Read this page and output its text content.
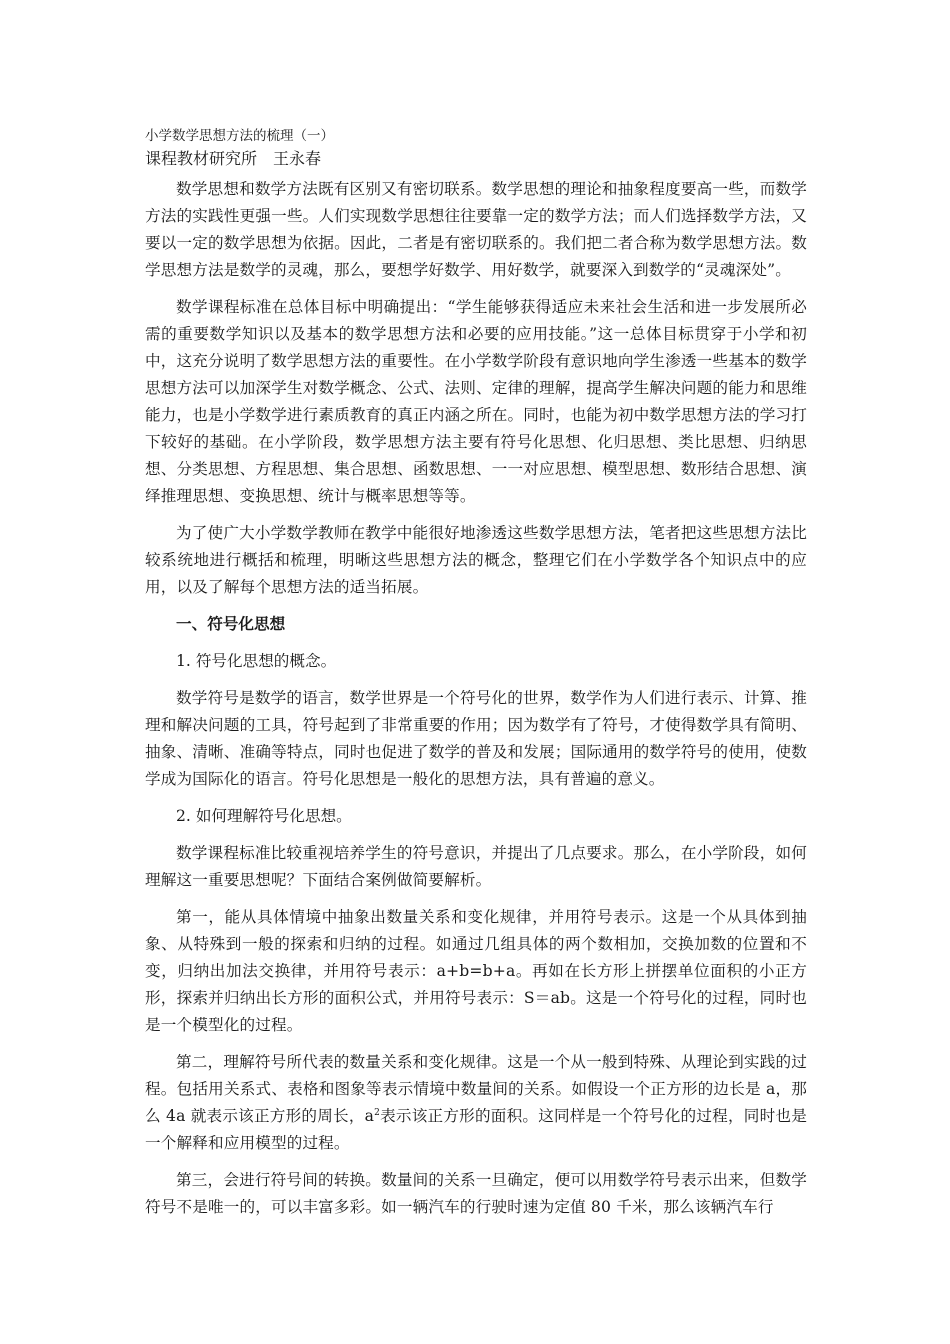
小学数学思想方法的梳理（一）

课程教材研究所　王永春

数学思想和数学方法既有区别又有密切联系。数学思想的理论和抽象程度要高一些，而数学方法的实践性更强一些。人们实现数学思想往往要靠一定的数学方法；而人们选择数学方法，又要以一定的数学思想为依据。因此，二者是有密切联系的。我们把二者合称为数学思想方法。数学思想方法是数学的灵魂，那么，要想学好数学、用好数学，就要深入到数学的“灵魂深处”。

数学课程标准在总体目标中明确提出：“学生能够获得适应未来社会生活和进一步发展所必需的重要数学知识以及基本的数学思想方法和必要的应用技能。”这一总体目标贯穿于小学和初中，这充分说明了数学思想方法的重要性。在小学数学阶段有意识地向学生渗透一些基本的数学思想方法可以加深学生对数学概念、公式、法则、定律的理解，提高学生解决问题的能力和思维能力，也是小学数学进行素质教育的真正内涵之所在。同时，也能为初中数学思想方法的学习打下较好的基础。在小学阶段，数学思想方法主要有符号化思想、化归思想、类比思想、归纳思想、分类思想、方程思想、集合思想、函数思想、一一对应思想、模型思想、数形结合思想、演绎推理思想、变换思想、统计与概率思想等等。

为了使广大小学数学教师在教学中能很好地渗透这些数学思想方法，笔者把这些思想方法比较系统地进行概括和梳理，明晰这些思想方法的概念，整理它们在小学数学各个知识点中的应用，以及了解每个思想方法的适当拓展。

一、符号化思想

1. 符号化思想的概念。

数学符号是数学的语言，数学世界是一个符号化的世界，数学作为人们进行表示、计算、推理和解决问题的工具，符号起到了非常重要的作用；因为数学有了符号，才使得数学具有简明、抽象、清晰、准确等特点，同时也促进了数学的普及和发展；国际通用的数学符号的使用，使数学成为国际化的语言。符号化思想是一般化的思想方法，具有普遍的意义。

2. 如何理解符号化思想。

数学课程标准比较重视培养学生的符号意识，并提出了几点要求。那么，在小学阶段，如何理解这一重要思想呢？下面结合案例做简要解析。

第一，能从具体情境中抽象出数量关系和变化规律，并用符号表示。这是一个从具体到抽象、从特殊到一般的探索和归纳的过程。如通过几组具体的两个数相加，交换加数的位置和不变，归纳出加法交换律，并用符号表示：a+b=b+a。再如在长方形上拼摆单位面积的小正方形，探索并归纳出长方形的面积公式，并用符号表示：S＝ab。这是一个符号化的过程，同时也是一个模型化的过程。

第二，理解符号所代表的数量关系和变化规律。这是一个从一般到特殊、从理论到实践的过程。包括用关系式、表格和图象等表示情境中数量间的关系。如假设一个正方形的边长是 a，那么 4a 就表示该正方形的周长，$a^2$表示该正方形的面积。这同样是一个符号化的过程，同时也是一个解释和应用模型的过程。

第三，会进行符号间的转换。数量间的关系一旦确定，便可以用数学符号表示出来，但数学符号不是唯一的，可以丰富多彩。如一辆汽车的行驶时速为定值 80 千米，那么该辆汽车行
